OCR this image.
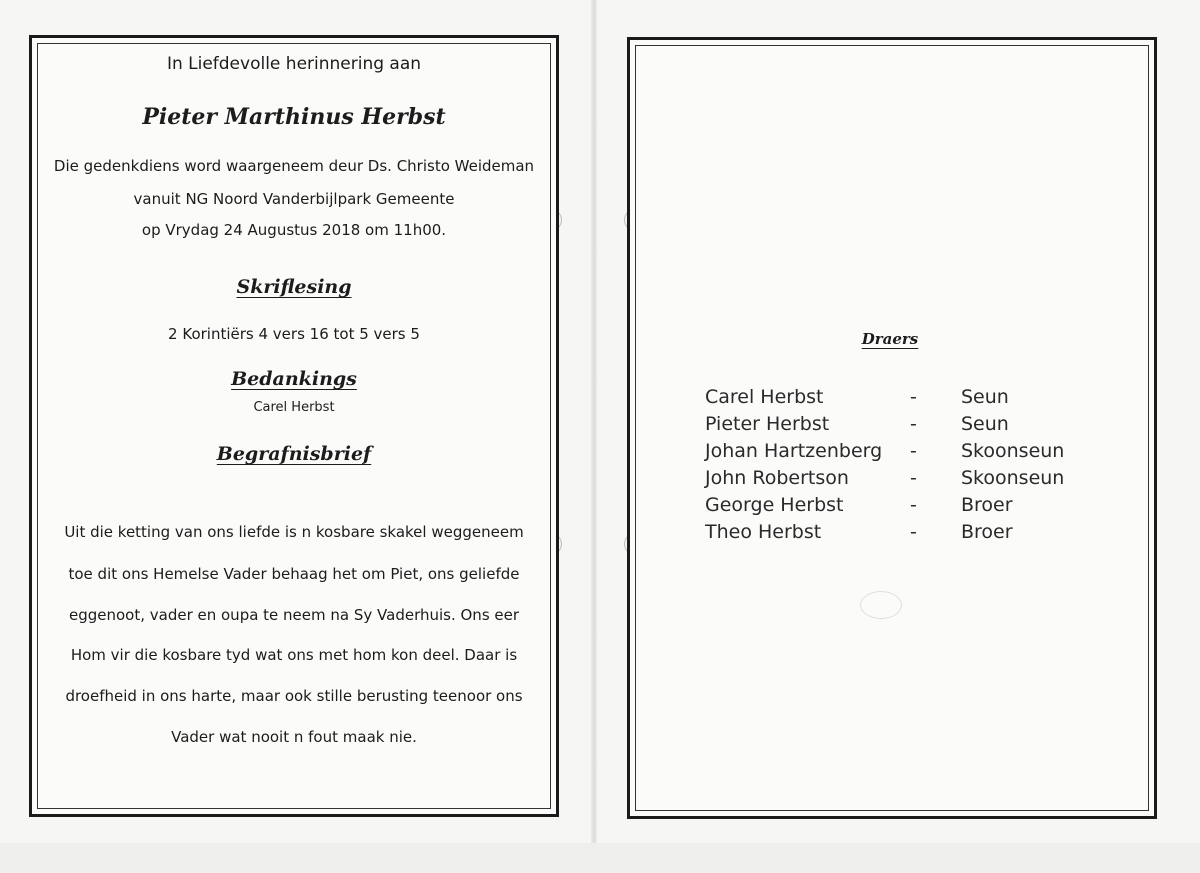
In Liefdevolle herinnering aan
Pieter Marthinus Herbst
Die gedenkdiens word waargeneem deur Ds. Christo Weideman
vanuit NG Noord Vanderbijlpark Gemeente
op Vrydag 24 Augustus 2018 om 11h00.
Skriflesing
2 Korintiërs 4 vers 16 tot 5 vers 5
Bedankings
Carel Herbst
Begrafnisbrief
Uit die ketting van ons liefde is n kosbare skakel weggeneem
toe dit ons Hemelse Vader behaag het om Piet, ons geliefde
eggenoot, vader en oupa te neem na Sy Vaderhuis. Ons eer
Hom vir die kosbare tyd wat ons met hom kon deel. Daar is
droefheid in ons harte, maar ook stille berusting teenoor ons
Vader wat nooit n fout maak nie.
Draers
Carel Herbst	- Seun
Pieter Herbst	- Seun
Johan Hartzenberg - Skoonseun
John Robertson	- Skoonseun
George Herbst	- Broer
Theo Herbst	- Broer
